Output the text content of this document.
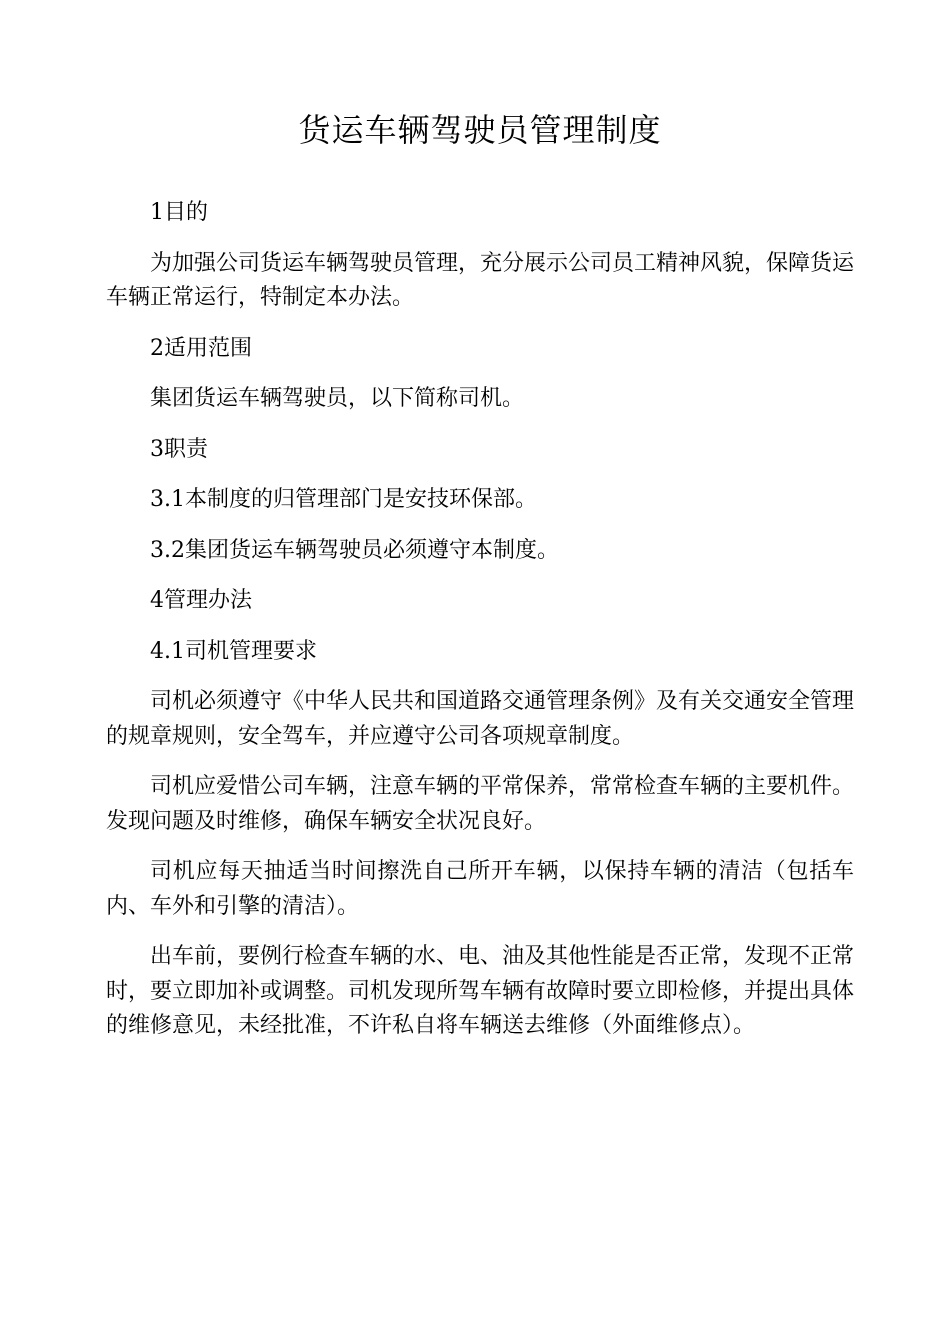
货运车辆驾驶员管理制度

1目的

为加强公司货运车辆驾驶员管理，充分展示公司员工精神风貌，保障货运车辆正常运行，特制定本办法。

2适用范围

集团货运车辆驾驶员，以下简称司机。

3职责

3.1本制度的归管理部门是安技环保部。

3.2集团货运车辆驾驶员必须遵守本制度。

4管理办法

4.1司机管理要求

司机必须遵守《中华人民共和国道路交通管理条例》及有关交通安全管理的规章规则，安全驾车，并应遵守公司各项规章制度。

司机应爱惜公司车辆，注意车辆的平常保养，常常检查车辆的主要机件。发现问题及时维修，确保车辆安全状况良好。

司机应每天抽适当时间擦洗自己所开车辆，以保持车辆的清洁（包括车内、车外和引擎的清洁）。

出车前，要例行检查车辆的水、电、油及其他性能是否正常，发现不正常时，要立即加补或调整。司机发现所驾车辆有故障时要立即检修，并提出具体的维修意见，未经批准，不许私自将车辆送去维修（外面维修点）。
